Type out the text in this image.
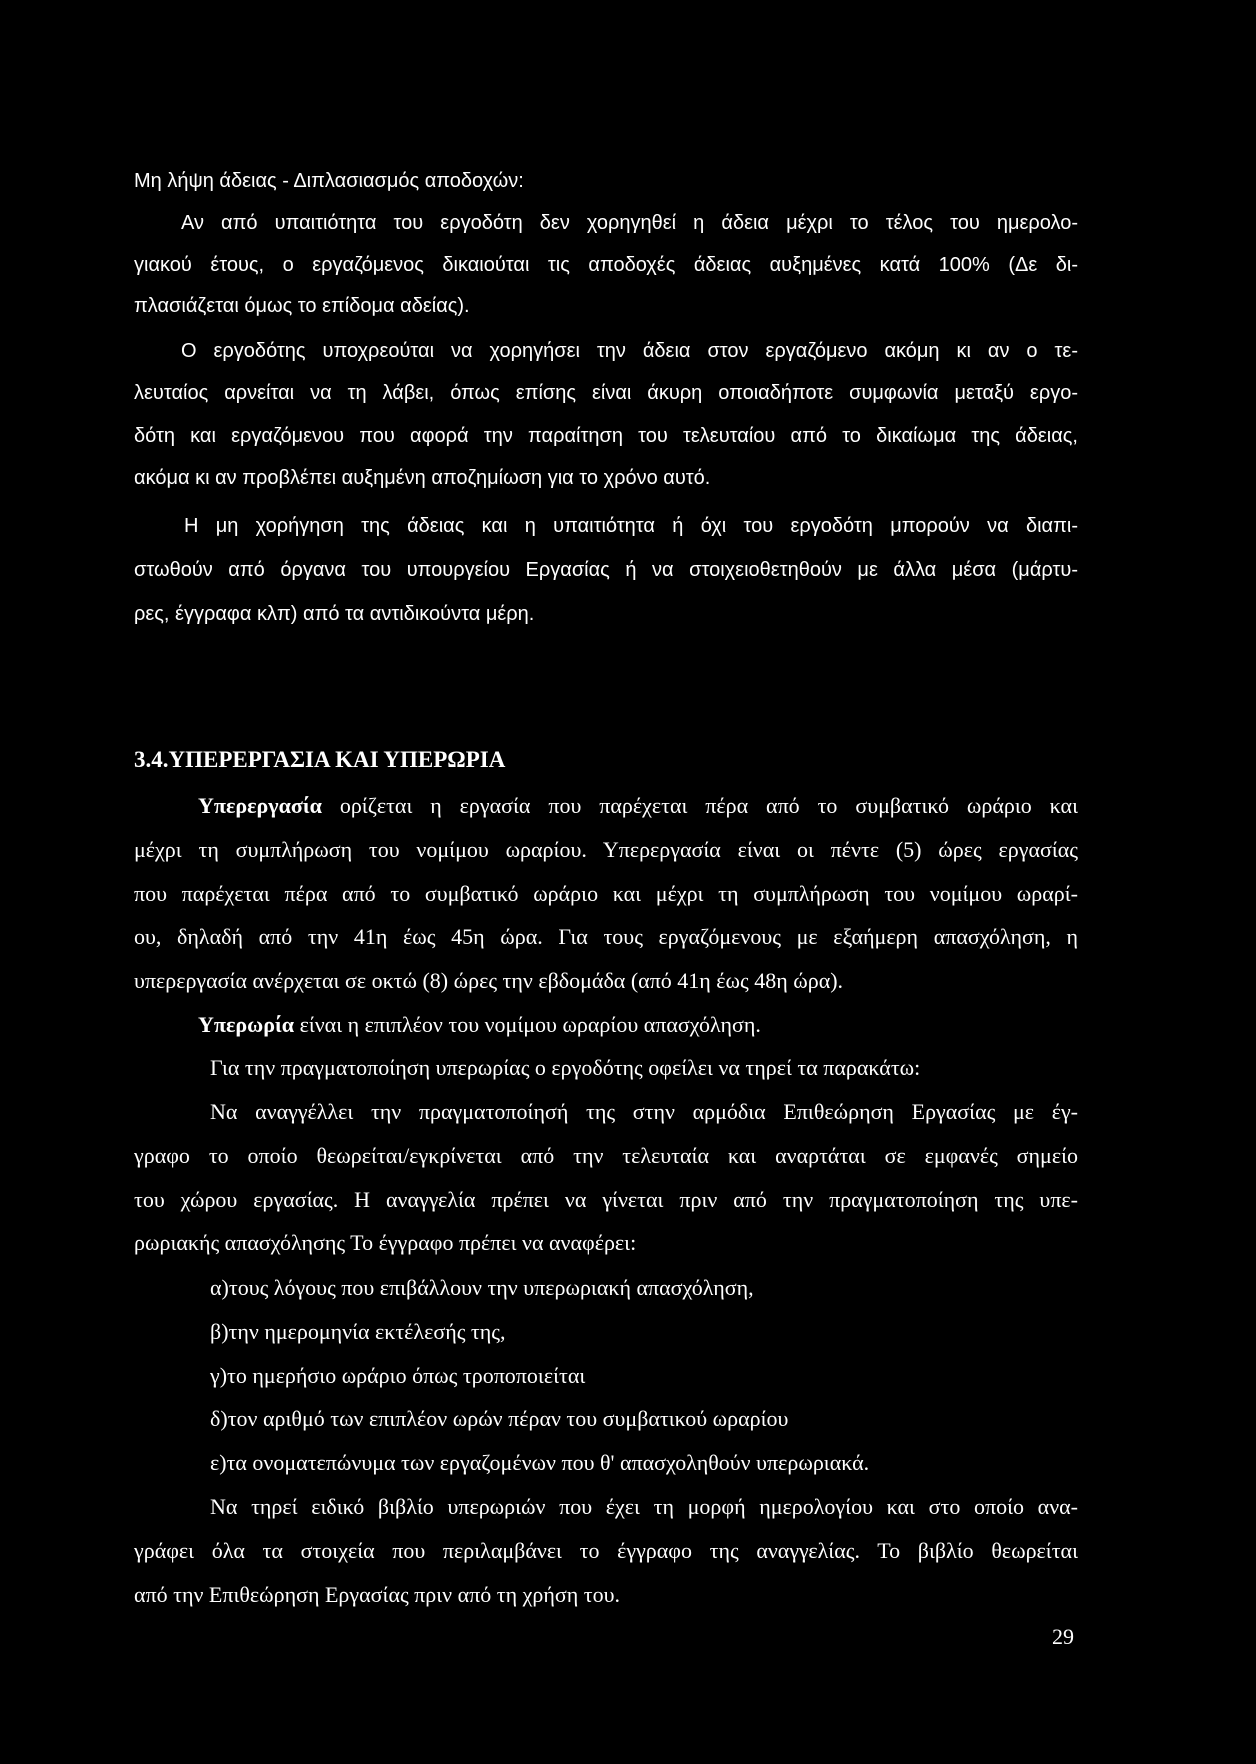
Μη λήψη άδειας - Διπλασιασμός αποδοχών:
Αν από υπαιτιότητα του εργοδότη δεν χορηγηθεί η άδεια μέχρι το τέλος του ημερολο-
γιακού έτους, ο εργαζόμενος δικαιούται τις αποδοχές άδειας αυξημένες κατά 100% (Δε δι-
πλασιάζεται όμως το επίδομα αδείας).
Ο εργοδότης υποχρεούται να χορηγήσει την άδεια στον εργαζόμενο ακόμη κι αν ο τε-
λευταίος αρνείται να τη λάβει, όπως επίσης είναι άκυρη οποιαδήποτε συμφωνία μεταξύ εργο-
δότη και εργαζόμενου που αφορά την παραίτηση του τελευταίου από το δικαίωμα της άδειας,
ακόμα κι αν προβλέπει αυξημένη αποζημίωση για το χρόνο αυτό.
Η μη χορήγηση της άδειας και η υπαιτιότητα ή όχι του εργοδότη μπορούν να διαπι-
στωθούν από όργανα του υπουργείου Εργασίας ή να στοιχειοθετηθούν με άλλα μέσα (μάρτυ-
ρες, έγγραφα κλπ) από τα αντιδικούντα μέρη.
3.4.ΥΠΕΡΕΡΓΑΣΙΑ ΚΑΙ ΥΠΕΡΩΡΙΑ
Υπερεργασία ορίζεται η εργασία που παρέχεται πέρα από το συμβατικό ωράριο και
μέχρι τη συμπλήρωση του νομίμου ωραρίου. Υπερεργασία είναι οι πέντε (5) ώρες εργασίας
που παρέχεται πέρα από το συμβατικό ωράριο και μέχρι τη συμπλήρωση του νομίμου ωραρί-
ου, δηλαδή από την 41η έως 45η ώρα. Για τους εργαζόμενους με εξαήμερη απασχόληση, η
υπερεργασία ανέρχεται σε οκτώ (8) ώρες την εβδομάδα (από 41η έως 48η ώρα).
Υπερωρία είναι η επιπλέον του νομίμου ωραρίου απασχόληση.
Για την πραγματοποίηση υπερωρίας ο εργοδότης οφείλει να τηρεί τα παρακάτω:
Να αναγγέλλει την πραγματοποίησή της στην αρμόδια Επιθεώρηση Εργασίας με έγ-
γραφο το οποίο θεωρείται/εγκρίνεται από την τελευταία και αναρτάται σε εμφανές σημείο
του χώρου εργασίας. Η αναγγελία πρέπει να γίνεται πριν από την πραγματοποίηση της υπε-
ρωριακής απασχόλησης Το έγγραφο πρέπει να αναφέρει:
α)τους λόγους που επιβάλλουν την υπερωριακή απασχόληση,
β)την ημερομηνία εκτέλεσής της,
γ)το ημερήσιο ωράριο όπως τροποποιείται
δ)τον αριθμό των επιπλέον ωρών πέραν του συμβατικού ωραρίου
ε)τα ονοματεπώνυμα των εργαζομένων που θ' απασχοληθούν υπερωριακά.
Να τηρεί ειδικό βιβλίο υπερωριών που έχει τη μορφή ημερολογίου και στο οποίο ανα-
γράφει όλα τα στοιχεία που περιλαμβάνει το έγγραφο της αναγγελίας. Το βιβλίο θεωρείται
από την Επιθεώρηση Εργασίας πριν από τη χρήση του.
29
